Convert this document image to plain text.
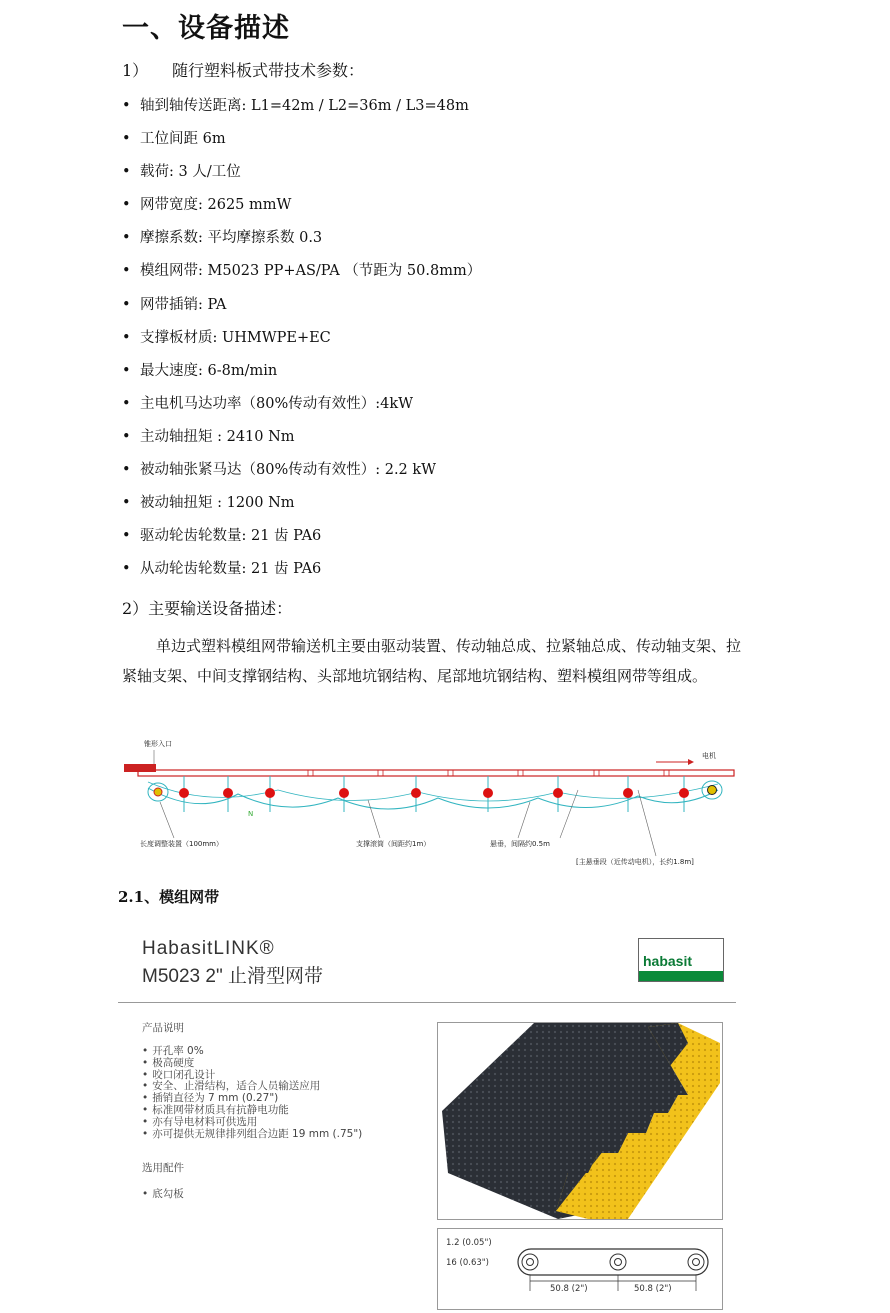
一、设备描述
1） 随行塑料板式带技术参数：
• 轴到轴传送距离: L1=42m / L2=36m / L3=48m
• 工位间距 6m
• 载荷: 3 人/工位
• 网带宽度: 2625 mmW
• 摩擦系数: 平均摩擦系数 0.3
• 模组网带: M5023 PP+AS/PA （节距为 50.8mm）
• 网带插销: PA
• 支撑板材质: UHMWPE+EC
• 最大速度: 6-8m/min
• 主电机马达功率（80%传动有效性）:4kW
• 主动轴扭矩 : 2410 Nm
• 被动轴张紧马达（80%传动有效性）: 2.2 kW
• 被动轴扭矩 : 1200 Nm
• 驱动轮齿轮数量: 21 齿 PA6
• 从动轮齿轮数量: 21 齿 PA6
2）主要输送设备描述：
单边式塑料模组网带输送机主要由驱动装置、传动轴总成、拉紧轴总成、传动轴支架、拉紧轴支架、中间支撑钢结构、头部地坑钢结构、尾部地坑钢结构、塑料模组网带等组成。
锥形入口
电机
长度调整装置（100mm）	支撑滚筒（间距约1m）	悬垂，间隔约0.5m
[主悬垂段（近传动电机），长约1.8m]
N
2.1、模组网带
HabasitLINK®
M5023 2" 止滑型网带
habasit
产品说明
• 开孔率 0%
• 极高硬度
• 咬口闭孔设计
• 安全、止滑结构，适合人员输送应用
• 插销直径为 7 mm (0.27")
• 标准网带材质具有抗静电功能
• 亦有导电材料可供选用
• 亦可提供无规律排列组合边距 19 mm (.75")
选用配件
• 底勾板
1.2 (0.05")
16 (0.63")
50.8 (2")	50.8 (2")
